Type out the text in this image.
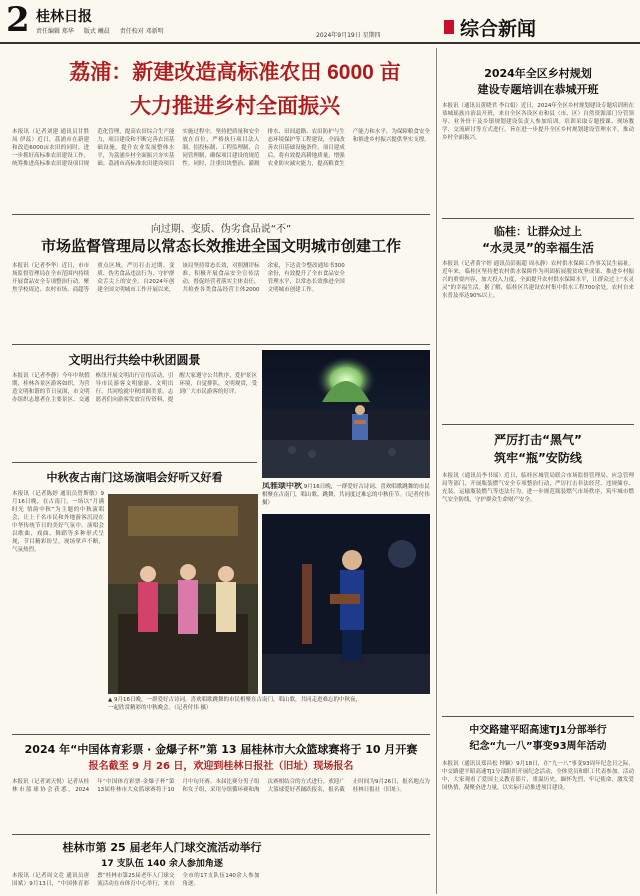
2 桂林日报
责任编辑 郑华 版式 曦晨 责任校对 邓新明
2024年9月19日 星期四	综合新闻
荔浦：新建改造高标准农田 6000 亩
大力推进乡村全面振兴
本报讯（记者刘建 通讯员甘胜凤 伊蕊）近日，荔浦市在新建和改造6000亩农田的同时，进一步抓好高标准农田建设工作，统筹推进高标准农田建设项目规范化管理，提高农田综合生产能力，项目建设和不断完善农田基础设施，提升农业发展整体水平，为荔浦乡村全面振兴夯实基础。荔浦市高标准农田建设项目实施过程中，坚持把质量和安全放在首位，严格执行项目法人制、招投标制、工程监理制、合同管理制，确保项目建设的规范性。同时，注重田块整治、灌溉排水、田间道路、农田防护与生态环境保护等工程建设，全面改善农田基础设施条件。项目建成后，将有效提高耕地质量，增强农业防灾减灾能力，提高粮食生产能力和水平，为保障粮食安全和推进乡村振兴提供坚实支撑。
向过期、变质、伪劣食品说“不”
市场监督管理局以常态长效推进全国文明城市创建工作
本报讯（记者李华）近日，市市场监督管理局在全市范围内持续开展食品安全专项整治行动，聚焦学校周边、农村市场、商超等重点区域，严厉打击过期、变质、伪劣食品违法行为，守护群众舌尖上的安全。自2024年创建全国文明城市工作开展以来，该局坚持常态长效，对照测评标准，积极开展食品安全宣传活动，督促经营者落实主体责任，共检查各类食品经营主体2000余家，下达责令整改通知书300余份，有效提升了全市食品安全管理水平，以常态长效推进全国文明城市创建工作。
文明出行共绘中秋团圆景
本报讯（记者李静）今年中秋假期，桂林各景区游客如织，为营造文明和谐的节日氛围，市文明办组织志愿者在主要景区、交通枢纽开展文明出行宣传活动，引导市民游客文明旅游、文明出行，共同绘就中秋团圆美景。志愿者们向游客发放宣传资料，提醒大家遵守公共秩序，爱护景区环境，自觉排队，文明观赏，受到广大市民游客的好评。
凤雅颂中秋 9月16日晚，一群爱好古诗词、喜欢唱歌跳舞的市民相聚在古南门，唱山歌、跳舞，共同度过难忘的中秋佳节。（记者付伟 摄）
中秋夜古南门这场演唱会好听又好看
本报讯（记者陈婷 通讯员曾斯敏）9月16日晚，在古南门，一场以“月满时光 情韵中秋”为主题的中秋演唱会，让上千名市民和外地游客沉浸在中华传统节日的美好气氛中。演唱会以歌曲、戏曲、舞蹈等多种形式呈现，节目精彩纷呈，现场掌声不断，气氛热烈。
▲ 9月16日晚，一群爱好古诗词，喜欢唱歌跳舞的市民相聚在古南门，唱山歌，共同走进难忘的中秋夜，一起欣赏精彩的中秋晚会。（记者付伟 摄）
2024 年“中国体育彩票 · 金爆子杯”第 13 届桂林市大众篮球赛将于 10 月开赛
报名截至 9 月 26 日，欢迎到桂林日报社（旧址）现场报名
本报讯（记者刘天悦）记者从桂林市篮球协会获悉，2024年“中国体育彩票·金爆子杯”第13届桂林市大众篮球赛将于10月中旬开赛。本届比赛分男子组和女子组，采用分组循环赛和淘汰赛相结合的方式进行。欢迎广大篮球爱好者踊跃报名，报名截止时间为9月26日，报名地点为桂林日报社（旧址）。
桂林市第 25 届老年人门球交流活动举行
17 支队伍 140 余人参加角逐
本报讯（记者周文竞 通讯员唐国斌）9月13日，“中国体育彩票”桂林市第25届老年人门球交流活动在市体育中心举行，来自全市的17支队伍140余人参加角逐。
2024年全区乡村规划
建设专题培训在恭城开班
本报讯（通讯员黄晓君 李白娟）近日，2024年全区乡村规划建设专题培训班在恭城瑶族自治县开班，来自全区各设区市和县（市、区）自然资源部门分管领导、业务骨干及乡镇规划建设负责人参加培训。培训采取专题授课、现场教学、交流研讨等方式进行，旨在进一步提升全区乡村规划建设管理水平，推动乡村全面振兴。
临桂：让群众过上
“水灵灵”的幸福生活
本报讯（记者黄宇婷 通讯员彭振超 周永静）农村供水保障工作事关民生福祉。近年来，临桂区坚持把农村供水保障作为巩固拓展脱贫攻坚成果、推进乡村振兴的重要内容，加大投入力度，全面提升农村供水保障水平，让群众过上“水灵灵”的幸福生活。据了解，临桂区共建设农村集中供水工程700余处，农村自来水普及率达90%以上。
严厉打击“黑气”
筑牢“瓶”安防线
本报讯（通讯员李书瑶）近日，临桂区城管局联合市场监督管理局、应急管理局等部门，开展瓶装燃气安全专项整治行动，严厉打击非法经营、违规储存、充装、运输瓶装燃气等违法行为，进一步规范瓶装燃气市场秩序，筑牢城市燃气安全防线，守护群众生命财产安全。
中交路建平昭高速TJ1分部举行
纪念“九一八”事变93周年活动
本报讯（通讯员郑昌松 钟颖）9月18日，在“九一八”事变93周年纪念日之际，中交路建平昭高速TJ1分部组织开展纪念活动，全体党员和职工代表参加。活动中，大家观看了爱国主义教育影片，重温历史，缅怀先烈，牢记使命，激发爱国热情，凝聚奋进力量，以实际行动推进项目建设。
